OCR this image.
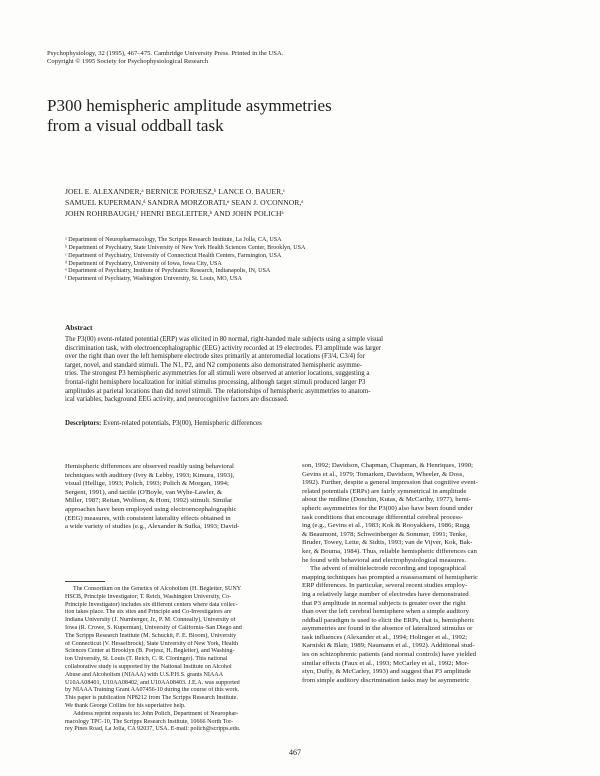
Psychophysiology, 32 (1995), 467–475. Cambridge University Press. Printed in the USA.
Copyright © 1995 Society for Psychophysiological Research
P300 hemispheric amplitude asymmetries
from a visual oddball task
JOEL E. ALEXANDER,ᵃ BERNICE PORJESZ,ᵇ LANCE O. BAUER,ᶜ
SAMUEL KUPERMAN,ᵈ SANDRA MORZORATI,ᵉ SEAN J. O'CONNOR,ᵉ
JOHN ROHRBAUGH,ᶠ HENRI BEGLEITER,ᵇ AND JOHN POLICHᵃ
ᵃ Department of Neuropharmacology, The Scripps Research Institute, La Jolla, CA, USA
ᵇ Department of Psychiatry, State University of New York Health Sciences Center, Brooklyn, USA
ᶜ Department of Psychiatry, University of Connecticut Health Centers, Farmington, USA
ᵈ Department of Psychiatry, University of Iowa, Iowa City, USA
ᵉ Department of Psychiatry, Institute of Psychiatric Research, Indianapolis, IN, USA
ᶠ Department of Psychiatry, Washington University, St. Louis, MO, USA
Abstract
The P3(00) event-related potential (ERP) was elicited in 80 normal, right-handed male subjects using a simple visual
discrimination task, with electroencephalographic (EEG) activity recorded at 19 electrodes. P3 amplitude was larger
over the right than over the left hemisphere electrode sites primarily at anteromedial locations (F3/4, C3/4) for
target, novel, and standard stimuli. The N1, P2, and N2 components also demonstrated hemispheric asymme-
tries. The strongest P3 hemispheric asymmetries for all stimuli were observed at anterior locations, suggesting a
frontal-right hemisphere localization for initial stimulus processing, although target stimuli produced larger P3
amplitudes at parietal locations than did novel stimuli. The relationships of hemispheric asymmetries to anatom-
ical variables, background EEG activity, and neurocognitive factors are discussed.
Descriptors: Event-related potentials, P3(00), Hemispheric differences
Hemispheric differences are observed readily using behavioral
techniques with auditory (Ivry & Lebby, 1993; Kimura, 1993),
visual (Hellige, 1993; Polich, 1993; Polich & Morgan, 1994;
Sergent, 1991), and tactile (O'Boyle, van Wyhe-Lawler, &
Miller, 1987; Reitan, Wolfson, & Hom, 1992) stimuli. Similar
approaches have been employed using electroencephalographic
(EEG) measures, with consistent laterality effects obtained in
a wide variety of studies (e.g., Alexander & Sufka, 1993; David-
The Consortium on the Genetics of Alcoholism (H. Begleiter, SUNY
HSCB, Principle Investigator; T. Reich, Washington University, Co-
Principle Investigator) includes six different centers where data collec-
tion takes place. The six sites and Principle and Co-Investigators are
Indiana University (J. Nurnberger, Jr., P. M. Conneally), University of
Iowa (R. Crowe, S. Kuperman), University of California–San Diego and
The Scripps Research Institute (M. Schuckit, F. E. Bloom), University
of Connecticut (V. Hesselbrock), State University of New York, Health
Sciences Center at Brooklyn (B. Porjesz, H. Begleiter), and Washing-
ton University, St. Louis (T. Reich, C. R. Cloninger). This national
collaborative study is supported by the National Institute on Alcohol
Abuse and Alcoholism (NIAAA) with U.S.P.H.S. grants NIAAA
U10AA08401, U10AA08402, and U10AA08403. J.E.A. was supported
by NIAAA Training Grant AA07456-10 during the course of this work.
This paper is publication NP8212 from The Scripps Research Institute.
We thank George Collins for his superlative help.
Address reprint requests to: John Polich, Department of Neurophar-
macology TPC-10, The Scripps Research Institute, 10666 North Tor-
rey Pines Road, La Jolla, CA 92037, USA. E-mail: polich@scripps.edu.
son, 1992; Davidson, Chapman, Chapman, & Henriques, 1990;
Gevins et al., 1979; Tomarken, Davidson, Wheeler, & Doss,
1992). Further, despite a general impression that cognitive event-
related potentials (ERPs) are fairly symmetrical in amplitude
about the midline (Donchin, Kutas, & McCarthy, 1977), hemi-
spheric asymmetries for the P3(00) also have been found under
task conditions that encourage differential cerebral process-
ing (e.g., Gevins et al., 1983; Kok & Rooyakkers, 1986; Rugg
& Beaumont, 1978; Schweinberger & Sommer, 1991; Tenke,
Bruder, Towey, Leite, & Sidtis, 1993; van de Vijver, Kok, Bak-
ker, & Bouma, 1984). Thus, reliable hemispheric differences can
be found with behavioral and electrophysiological measures.
The advent of multielectrode recording and topographical
mapping techniques has prompted a reassessment of hemispheric
ERP differences. In particular, several recent studies employ-
ing a relatively large number of electrodes have demonstrated
that P3 amplitude in normal subjects is greater over the right
than over the left cerebral hemisphere when a simple auditory
oddball paradigm is used to elicit the ERPs, that is, hemispheric
asymmetries are found in the absence of lateralized stimulus or
task influences (Alexander et al., 1994; Holinger et al., 1992;
Karniski & Blair, 1989; Naumann et al., 1992). Additional stud-
ies on schizophrenic patients (and normal controls) have yielded
similar effects (Faux et al., 1993; McCarley et al., 1992; Mor-
styn, Duffy, & McCarley, 1993) and suggest that P3 amplitude
from simple auditory discrimination tasks may be asymmetric
467
